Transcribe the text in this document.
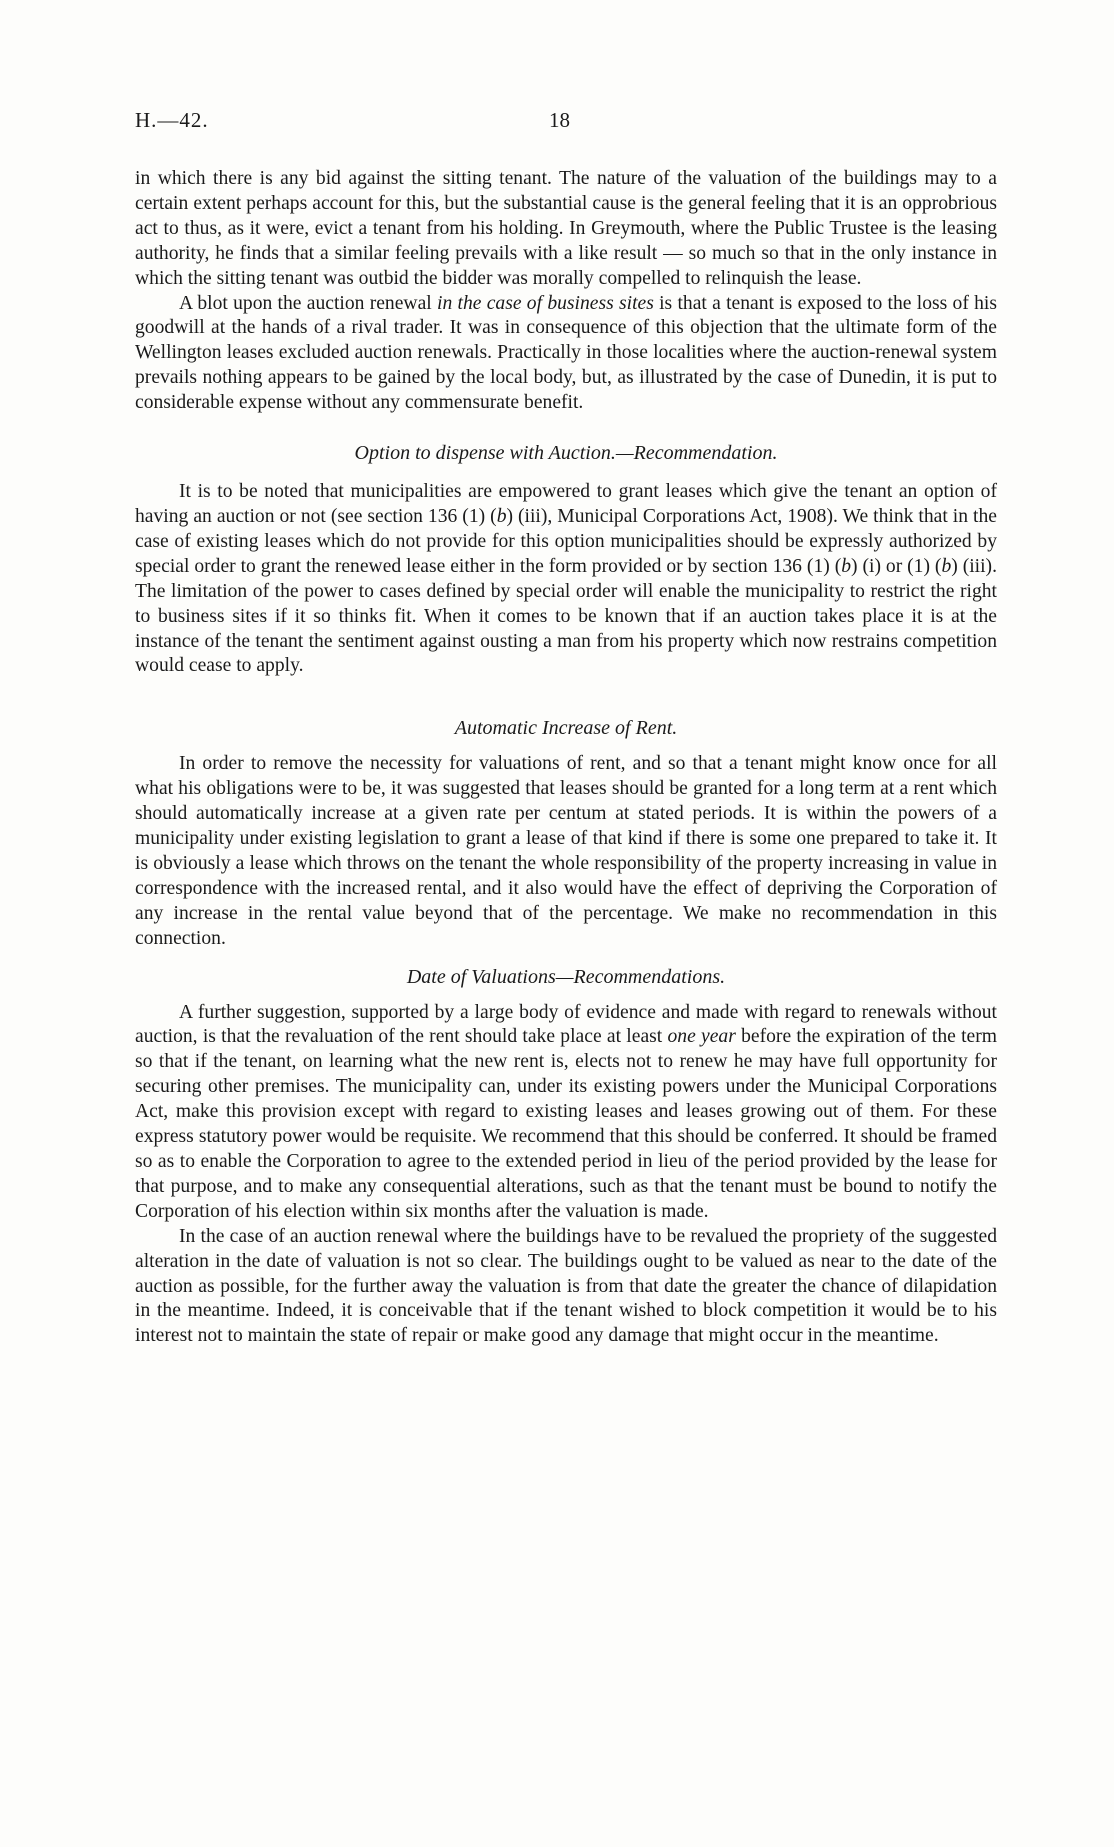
H.—42.	18

in which there is any bid against the sitting tenant. The nature of the valuation of the buildings may to a certain extent perhaps account for this, but the substantial cause is the general feeling that it is an opprobrious act to thus, as it were, evict a tenant from his holding. In Greymouth, where the Public Trustee is the leasing authority, he finds that a similar feeling prevails with a like result — so much so that in the only instance in which the sitting tenant was outbid the bidder was morally compelled to relinquish the lease.

A blot upon the auction renewal in the case of business sites is that a tenant is exposed to the loss of his goodwill at the hands of a rival trader. It was in consequence of this objection that the ultimate form of the Wellington leases excluded auction renewals. Practically in those localities where the auction-renewal system prevails nothing appears to be gained by the local body, but, as illustrated by the case of Dunedin, it is put to considerable expense without any commensurate benefit.

Option to dispense with Auction.—Recommendation.

It is to be noted that municipalities are empowered to grant leases which give the tenant an option of having an auction or not (see section 136 (1) (b) (iii), Municipal Corporations Act, 1908). We think that in the case of existing leases which do not provide for this option municipalities should be expressly authorized by special order to grant the renewed lease either in the form provided or by section 136 (1) (b) (i) or (1) (b) (iii). The limitation of the power to cases defined by special order will enable the municipality to restrict the right to business sites if it so thinks fit. When it comes to be known that if an auction takes place it is at the instance of the tenant the sentiment against ousting a man from his property which now restrains competition would cease to apply.

Automatic Increase of Rent.

In order to remove the necessity for valuations of rent, and so that a tenant might know once for all what his obligations were to be, it was suggested that leases should be granted for a long term at a rent which should automatically increase at a given rate per centum at stated periods. It is within the powers of a municipality under existing legislation to grant a lease of that kind if there is some one prepared to take it. It is obviously a lease which throws on the tenant the whole responsibility of the property increasing in value in correspondence with the increased rental, and it also would have the effect of depriving the Corporation of any increase in the rental value beyond that of the percentage. We make no recommendation in this connection.

Date of Valuations—Recommendations.

A further suggestion, supported by a large body of evidence and made with regard to renewals without auction, is that the revaluation of the rent should take place at least one year before the expiration of the term so that if the tenant, on learning what the new rent is, elects not to renew he may have full opportunity for securing other premises. The municipality can, under its existing powers under the Municipal Corporations Act, make this provision except with regard to existing leases and leases growing out of them. For these express statutory power would be requisite. We recommend that this should be conferred. It should be framed so as to enable the Corporation to agree to the extended period in lieu of the period provided by the lease for that purpose, and to make any consequential alterations, such as that the tenant must be bound to notify the Corporation of his election within six months after the valuation is made.

In the case of an auction renewal where the buildings have to be revalued the propriety of the suggested alteration in the date of valuation is not so clear. The buildings ought to be valued as near to the date of the auction as possible, for the further away the valuation is from that date the greater the chance of dilapidation in the meantime. Indeed, it is conceivable that if the tenant wished to block competition it would be to his interest not to maintain the state of repair or make good any damage that might occur in the meantime.
